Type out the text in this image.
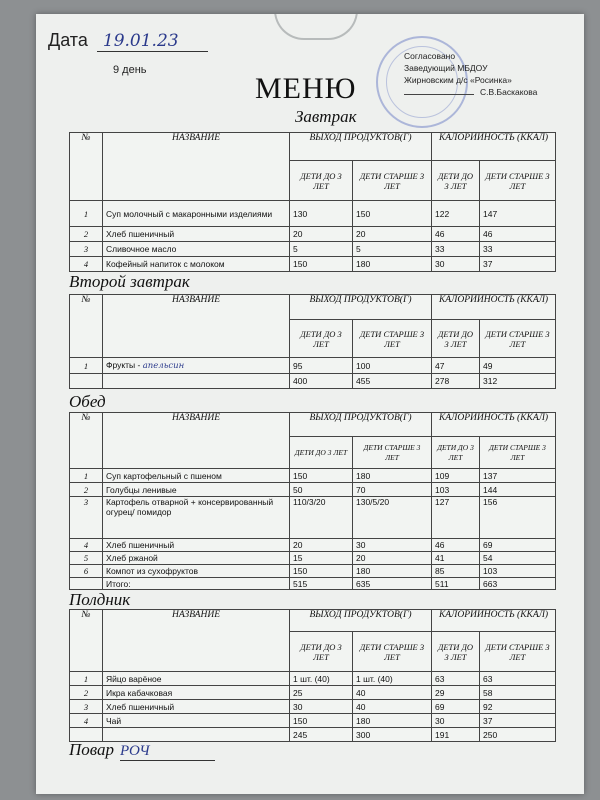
Дата 19.01.23
9 день
Согласовано
Заведующий МБДОУ
Жирновским д/с «Росинка»
С.В.Баскакова
МЕНЮ
Завтрак
№	НАЗВАНИЕ	ВЫХОД ПРОДУКТОВ(Г)		КАЛОРИЙНОСТЬ (ККАЛ)	
		ДЕТИ ДО 3 ЛЕТ	ДЕТИ СТАРШЕ 3 ЛЕТ	ДЕТИ ДО 3 ЛЕТ	ДЕТИ СТАРШЕ 3 ЛЕТ
1	Суп молочный с макаронными изделиями	130	150	122	147
2	Хлеб пшеничный	20	20	46	46
3	Сливочное масло	5	5	33	33
4	Кофейный напиток с молоком	150	180	30	37
Второй завтрак
№	НАЗВАНИЕ	ВЫХОД ПРОДУКТОВ(Г)		КАЛОРИЙНОСТЬ (ККАЛ)	
		ДЕТИ ДО 3 ЛЕТ	ДЕТИ СТАРШЕ 3 ЛЕТ	ДЕТИ ДО 3 ЛЕТ	ДЕТИ СТАРШЕ 3 ЛЕТ
1	Фрукты - апельсин	95	100	47	49
		400	455	278	312
Обед
№	НАЗВАНИЕ	ВЫХОД ПРОДУКТОВ(Г)		КАЛОРИЙНОСТЬ (ККАЛ)	
		ДЕТИ ДО 3 ЛЕТ	ДЕТИ СТАРШЕ 3 ЛЕТ	ДЕТИ ДО 3 ЛЕТ	ДЕТИ СТАРШЕ 3 ЛЕТ
1	Суп картофельный с пшеном	150	180	109	137
2	Голубцы ленивые	50	70	103	144
3	Картофель отварной + консервированный огурец/ помидор	110/3/20	130/5/20	127	156
4	Хлеб пшеничный	20	30	46	69
5	Хлеб ржаной	15	20	41	54
6	Компот из сухофруктов	150	180	85	103
	Итого:	515	635	511	663
Полдник
№	НАЗВАНИЕ	ВЫХОД ПРОДУКТОВ(Г)		КАЛОРИЙНОСТЬ (ККАЛ)	
		ДЕТИ ДО 3 ЛЕТ	ДЕТИ СТАРШЕ 3 ЛЕТ	ДЕТИ ДО 3 ЛЕТ	ДЕТИ СТАРШЕ 3 ЛЕТ
1	Яйцо варёное	1 шт. (40)	1 шт. (40)	63	63
2	Икра кабачковая	25	40	29	58
3	Хлеб пшеничный	30	40	69	92
4	Чай	150	180	30	37
		245	300	191	250
Повар РОЧ
